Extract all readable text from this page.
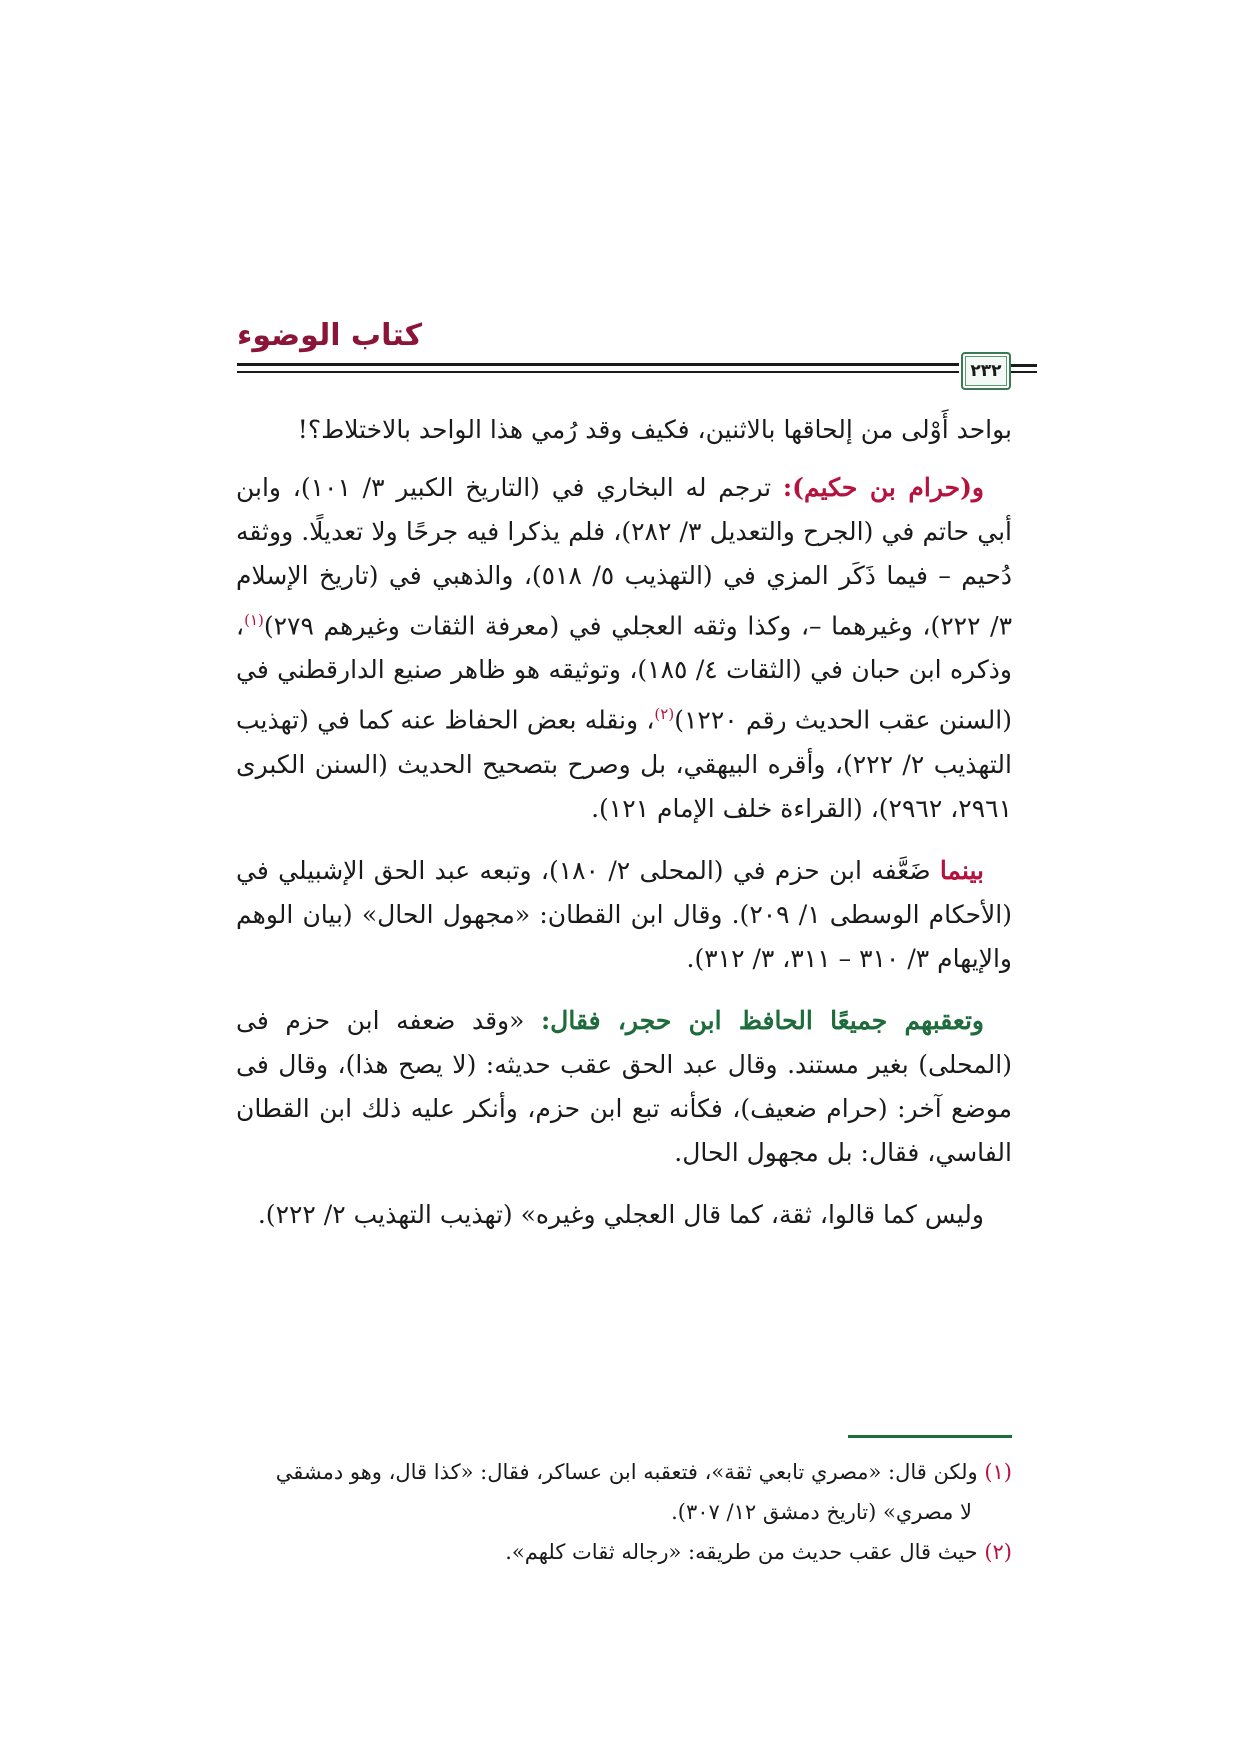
كتاب الوضوء
٢٣٢

بواحد أَوْلى من إلحاقها بالاثنين، فكيف وقد رُمي هذا الواحد بالاختلاط؟!

و(حرام بن حكيم): ترجم له البخاري في (التاريخ الكبير ٣/ ١٠١)، وابن أبي حاتم في (الجرح والتعديل ٣/ ٢٨٢)، فلم يذكرا فيه جرحًا ولا تعديلًا. ووثقه دُحيم – فيما ذَكَر المزي في (التهذيب ٥/ ٥١٨)، والذهبي في (تاريخ الإسلام ٣/ ٢٢٢)، وغيرهما –، وكذا وثقه العجلي في (معرفة الثقات وغيرهم ٢٧٩)$^{(١)}$، وذكره ابن حبان في (الثقات ٤/ ١٨٥)، وتوثيقه هو ظاهر صنيع الدارقطني في (السنن عقب الحديث رقم ١٢٢٠)$^{(٢)}$، ونقله بعض الحفاظ عنه كما في (تهذيب التهذيب ٢/ ٢٢٢)، وأقره البيهقي، بل وصرح بتصحيح الحديث (السنن الكبرى ٢٩٦١، ٢٩٦٢)، (القراءة خلف الإمام ١٢١).

بينما ضَعَّفه ابن حزم في (المحلى ٢/ ١٨٠)، وتبعه عبد الحق الإشبيلي في (الأحكام الوسطى ١/ ٢٠٩). وقال ابن القطان: «مجهول الحال» (بيان الوهم والإيهام ٣/ ٣١٠ – ٣١١، ٣/ ٣١٢).

وتعقبهم جميعًا الحافظ ابن حجر، فقال: «وقد ضعفه ابن حزم فى (المحلى) بغير مستند. وقال عبد الحق عقب حديثه: (لا يصح هذا)، وقال فى موضع آخر: (حرام ضعيف)، فكأنه تبع ابن حزم، وأنكر عليه ذلك ابن القطان الفاسي، فقال: بل مجهول الحال.

وليس كما قالوا، ثقة، كما قال العجلي وغيره» (تهذيب التهذيب ٢/ ٢٢٢).

(١) ولكن قال: «مصري تابعي ثقة»، فتعقبه ابن عساكر، فقال: «كذا قال، وهو دمشقي

لا مصري» (تاريخ دمشق ١٢/ ٣٠٧).

(٢) حيث قال عقب حديث من طريقه: «رجاله ثقات كلهم».
